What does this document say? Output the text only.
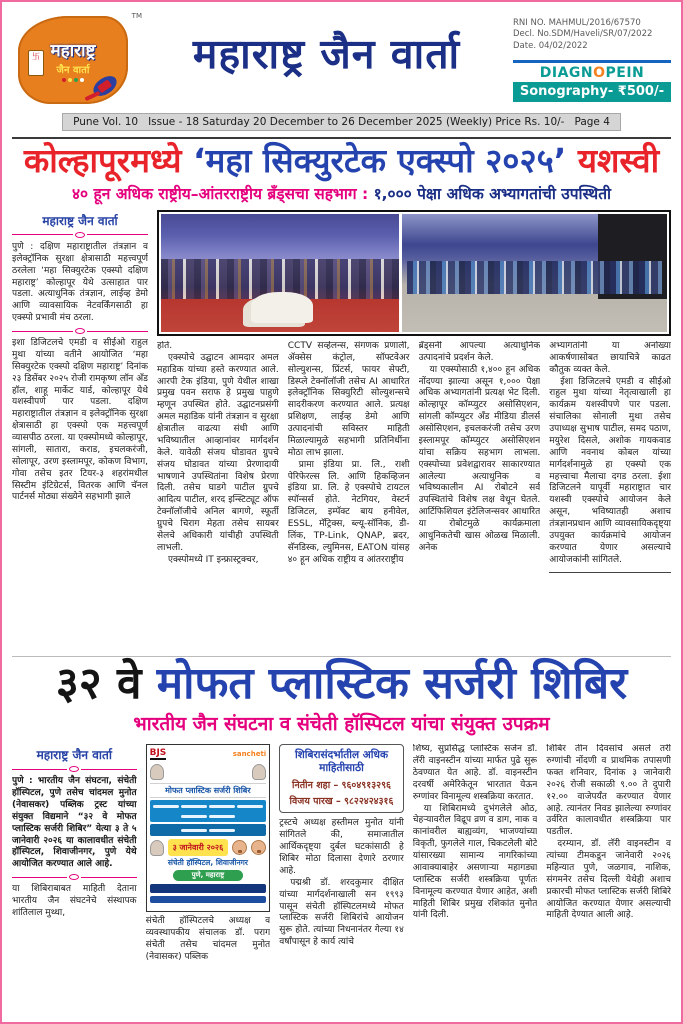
महाराष्ट्र
जैन वार्ता
卐
TM
महाराष्ट्र जैन वार्ता

RNI NO. MAHMUL/2016/67570

Decl. No.SDM/Haveli/SR/07/2022

Date. 04/02/2022

DIAGNOPEIN
Sonography- ₹500/-
Pune Vol. 10   Issue - 18 Saturday 20 December to 26 December 2025 (Weekly) Price Rs. 10/-   Page 4
कोल्हापूरमध्ये ‘महा सिक्युरटेक एक्स्पो २०२५’ यशस्वी
४० हून अधिक राष्ट्रीय–आंतरराष्ट्रीय ब्रँड्सचा सहभाग : १,००० पेक्षा अधिक अभ्यागतांची उपस्थिती
महाराष्ट्र जैन वार्ता

पुणे : दक्षिण महाराष्ट्रातील तंत्रज्ञान व इलेक्ट्रॉनिक सुरक्षा क्षेत्रासाठी महत्त्वपूर्ण ठरलेला ‘महा सिक्युरटेक एक्स्पो दक्षिण महाराष्ट्र’ कोल्हापूर येथे उत्साहात पार पडला. अत्याधुनिक तंत्रज्ञान, लाईव्ह डेमो आणि व्यावसायिक नेटवर्किंगसाठी हा एक्स्पो प्रभावी मंच ठरला.

इशा डिजिटलचे एमडी व सीईओ राहुल मुथा यांच्या वतीने आयोजित ‘महा सिक्युरटेक एक्स्पो दक्षिण महाराष्ट्र’ दिनांक २३ डिसेंबर २०२५ रोजी रामकृष्ण लॉन अँड हॉल, शाहू मार्केट यार्ड, कोल्हापूर येथे यशस्वीपणे पार पडला. दक्षिण महाराष्ट्रातील तंत्रज्ञान व इलेक्ट्रॉनिक सुरक्षा क्षेत्रासाठी हा एक्स्पो एक महत्त्वपूर्ण व्यासपीठ ठरला. या एक्स्पोमध्ये कोल्हापूर, सांगली, सातारा, कराड, इचलकरंजी, सोलापूर, उरण इस्लामपूर, कोकण विभाग, गोवा तसेच इतर टियर-३ शहरांमधील सिस्टीम इंटिग्रेटर्स, वितरक आणि चॅनल पार्टनर्स मोठ्या संख्येने सहभागी झाले

होते.

एक्स्पोचे उद्घाटन आमदार अमल महाडिक यांच्या हस्ते करण्यात आले. आरपी टेक इंडिया, पुणे येथील शाखा प्रमुख पवन सराफ हे प्रमुख पाहुणे म्हणून उपस्थित होते. उद्घाटनप्रसंगी अमल महाडिक यांनी तंत्रज्ञान व सुरक्षा क्षेत्रातील वाढत्या संधी आणि भविष्यातील आव्हानांवर मार्गदर्शन केले. यावेळी संजय घोडावत ग्रुपचे संजय घोडावत यांच्या प्रेरणादायी भाषणाने उपस्थितांना विशेष प्रेरणा दिली. तसेच घाडगे पाटील ग्रुपचे आदित्य पाटील, शरद इन्स्टिट्यूट ऑफ टेक्नॉलॉजीचे अनिल बागणे, स्फूर्ती ग्रुपचे चिराग मेहता तसेच सायबर सेलचे अधिकारी यांचीही उपस्थिती लाभली.

एक्स्पोमध्ये IT इन्फ्रास्ट्रक्चर,

CCTV सर्व्हेलन्स, संगणक प्रणाली, ॲक्सेस कंट्रोल, सॉफ्टवेअर सोल्युशन्स, प्रिंटर्स, फायर सेफ्टी, डिस्प्ले टेक्नॉलॉजी तसेच AI आधारित इलेक्ट्रॉनिक सिक्युरिटी सोल्युशन्सचे सादरीकरण करण्यात आले. प्रत्यक्ष प्रशिक्षण, लाईव्ह डेमो आणि उत्पादनांची सविस्तर माहिती मिळाल्यामुळे सहभागी प्रतिनिधींना मोठा लाभ झाला.

प्रामा इंडिया प्रा. लि., राशी पेरिफेरल्स लि. आणि हिकव्हिजन इंडिया प्रा. लि. हे एक्स्पोचे टायटल स्पॉन्सर्स होते. नेटगियर, वेस्टर्न डिजिटल, इम्पॅक्ट बाय हनीवेल, ESSL, मॅट्रिक्स, ब्ल्यू-सॉनिक, डी-लिंक, TP-Link, QNAP, ब्रदर, सॅनडिस्क, ल्युमिनस, EATON यांसह ४० हून अधिक राष्ट्रीय व आंतरराष्ट्रीय

ब्रँड्सनी आपल्या अत्याधुनिक उत्पादनांचे प्रदर्शन केले.

या एक्स्पोसाठी १,४०० हून अधिक नोंदण्या झाल्या असून १,००० पेक्षा अधिक अभ्यागतांनी प्रत्यक्ष भेट दिली. कोल्हापूर कॉम्प्युटर असोसिएशन, सांगली कॉम्प्युटर अँड मीडिया डीलर्स असोसिएशन, इचलकरंजी तसेच उरण इस्लामपूर कॉम्प्युटर असोसिएशन यांचा सक्रिय सहभाग लाभला. एक्स्पोच्या प्रवेशद्वारावर साकारण्यात आलेल्या अत्याधुनिक व भविष्यकालीन AI रोबोटने सर्व उपस्थितांचे विशेष लक्ष वेधून घेतले. आर्टिफिशियल इंटेलिजन्सवर आधारित या रोबोटमुळे कार्यक्रमाला आधुनिकतेची खास ओळख मिळाली. अनेक

अभ्यागतांनी या अनोख्या आकर्षणासोबत छायाचित्रे काढत कौतुक व्यक्त केले.

ईशा डिजिटलचे एमडी व सीईओ राहुल मुथा यांच्या नेतृत्वाखाली हा कार्यक्रम यशस्वीपणे पार पडला. संचालिका सोनाली मुथा तसेच उपाध्यक्ष सुभाष पाटील, समद पठाण, मयुरेश दिसले, अशोक गायकवाड आणि नवनाथ कोबल यांच्या मार्गदर्शनामुळे हा एक्स्पो एक महत्त्वाचा मैलाचा दगड ठरला. ईशा डिजिटलने यापूर्वी महाराष्ट्रात चार यशस्वी एक्स्पोचे आयोजन केले असून, भविष्यातही अशाच तंत्रज्ञानप्रधान आणि व्यावसायिकदृष्ट्या उपयुक्त कार्यक्रमांचे आयोजन करण्यात येणार असल्याचे आयोजकांनी सांगितले.

३२ वे मोफत प्लास्टिक सर्जरी शिबिर
भारतीय जैन संघटना व संचेती हॉस्पिटल यांचा संयुक्त उपक्रम
महाराष्ट्र जैन वार्ता

पुणे : भारतीय जैन संघटना, संचेती हॉस्पिटल, पुणे तसेच चांदमल मुनोत (नेवासकर) पब्लिक ट्रस्ट यांच्या संयुक्त विद्यमाने “३२ वे मोफत प्लास्टिक सर्जरी शिबिर” येत्या ३ ते ५ जानेवारी २०२६ या कालावधीत संचेती हॉस्पिटल, शिवाजीनगर, पुणे येथे आयोजित करण्यात आले आहे.

या शिबिराबाबत माहिती देताना भारतीय जैन संघटनेचे संस्थापक शांतिलाल मुथ्था,

BJS	sancheti
मोफत प्लास्टिक सर्जरी शिबिर
३ जानेवारी २०२६
संचेती हॉस्पिटल, शिवाजीनगर
पुणे, महाराष्ट्र

संचेती हॉस्पिटलचे अध्यक्ष व व्यवस्थापकीय संचालक डॉ. पराग संचेती तसेच चांदमल मुनोत (नेवासकर) पब्लिक

शिबिरासंदर्भातील अधिक माहितीसाठी
नितीन शहा – ९६०४९१३२९६
विजय पारख – ९८२२४२४३१६

ट्रस्टचे अध्यक्ष हस्तीमल मुनोत यांनी सांगितले की, समाजातील आर्थिकदृष्ट्या दुर्बल घटकांसाठी हे शिबिर मोठा दिलासा देणारे ठरणार आहे.

पद्मश्री डॉ. शरदकुमार दीक्षित यांच्या मार्गदर्शनाखाली सन १९९३ पासून संचेती हॉस्पिटलमध्ये मोफत प्लास्टिक सर्जरी शिबिरांचे आयोजन सुरू होते. त्यांच्या निधनानंतर गेल्या १४ वर्षांपासून हे कार्य त्यांचे

शिष्य, सुप्रसिद्ध प्लास्टिक सर्जन डॉ. लॅरी वाइनस्टीन यांच्या मार्फत पुढे सुरू ठेवण्यात येत आहे. डॉ. वाइनस्टीन दरवर्षी अमेरिकेतून भारतात येऊन रुग्णांवर विनामूल्य शस्त्रक्रिया करतात.

या शिबिरामध्ये दुभंगलेले ओठ, चेहऱ्यावरील विद्रूप व्रण व डाग, नाक व कानांवरील बाह्यव्यंग, भाजण्यांच्या विकृती, फुगलेले गाल, चिकटलेली बोटे यांसारख्या सामान्य नागरिकांच्या आवाक्याबाहेर असणाऱ्या महागड्या प्लास्टिक सर्जरी शस्त्रक्रिया पूर्णतः विनामूल्य करण्यात येणार आहेत, अशी माहिती शिबिर प्रमुख रशिकांत मुनोत यांनी दिली.

शिबिर तीन दिवसांचे असले तरी रुग्णांची नोंदणी व प्राथमिक तपासणी फक्त शनिवार, दिनांक ३ जानेवारी २०२६ रोजी सकाळी ९.०० ते दुपारी १२.०० वाजेपर्यंत करण्यात येणार आहे. त्यानंतर निवड झालेल्या रुग्णांवर उर्वरित कालावधीत शस्त्रक्रिया पार पडतील.

दरम्यान, डॉ. लॅरी वाइनस्टीन व त्यांच्या टीमकडून जानेवारी २०२६ महिन्यात पुणे, जळगाव, नाशिक, संगमनेर तसेच दिल्ली येथेही अशाच प्रकारची मोफत प्लास्टिक सर्जरी शिबिरे आयोजित करण्यात येणार असल्याची माहिती देण्यात आली आहे.
